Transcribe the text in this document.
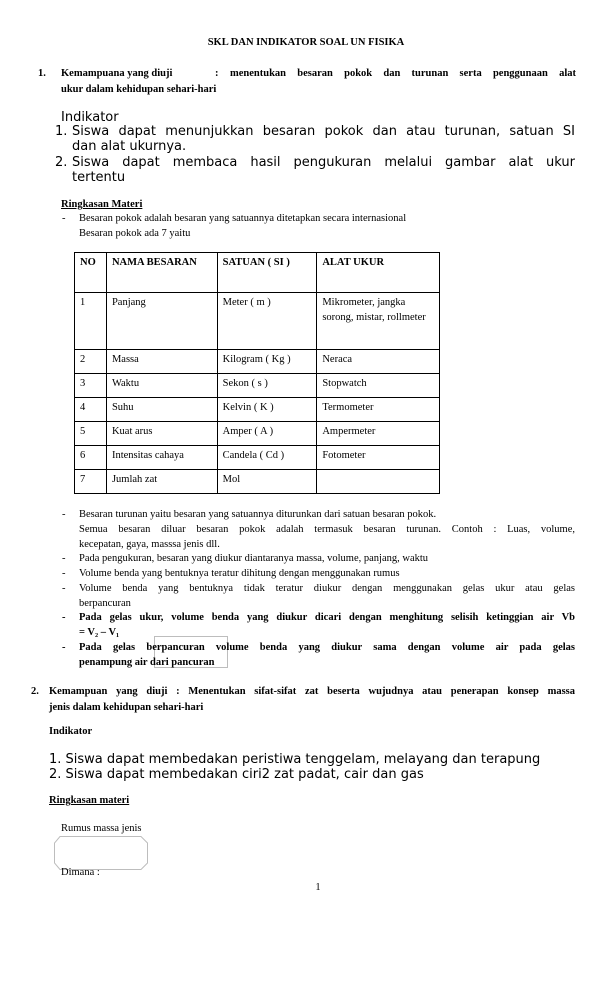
SKL DAN INDIKATOR SOAL UN FISIKA
1. Kemampuana yang diuji	: menentukan besaran pokok dan turunan serta penggunaan alat
ukur dalam kehidupan sehari-hari
Indikator
1. Siswa dapat menunjukkan besaran pokok dan atau turunan, satuan SI
dan alat ukurnya.
2. Siswa dapat membaca hasil pengukuran melalui gambar alat ukur
tertentu
Ringkasan Materi
- Besaran pokok adalah besaran yang satuannya ditetapkan secara internasional
Besaran pokok ada 7 yaitu
NO	NAMA BESARAN	SATUAN ( SI )	ALAT UKUR
1	Panjang	Meter ( m )	Mikrometer, jangka sorong, mistar, rollmeter
2	Massa	Kilogram ( Kg )	Neraca
3	Waktu	Sekon ( s )	Stopwatch
4	Suhu	Kelvin ( K )	Termometer
5	Kuat arus	Amper ( A )	Ampermeter
6	Intensitas cahaya	Candela ( Cd )	Fotometer
7	Jumlah zat	Mol	
- Besaran turunan yaitu besaran yang satuannya diturunkan dari satuan besaran pokok.
Semua besaran diluar besaran pokok adalah termasuk besaran turunan. Contoh : Luas, volume,
kecepatan, gaya, masssa jenis dll.
- Pada pengukuran, besaran yang diukur diantaranya massa, volume, panjang, waktu
- Volume benda yang bentuknya teratur dihitung dengan menggunakan rumus
- Volume benda yang bentuknya tidak teratur diukur dengan menggunakan gelas ukur atau gelas
berpancuran
- Pada gelas ukur, volume benda yang diukur dicari dengan menghitung selisih ketinggian air Vb
= V₂ – V₁
- Pada gelas berpancuran volume benda yang diukur sama dengan volume air pada gelas
penampung air dari pancuran
2. Kemampuan yang diuji : Menentukan sifat-sifat zat beserta wujudnya atau penerapan konsep massa
jenis dalam kehidupan sehari-hari
Indikator
1. Siswa dapat membedakan peristiwa tenggelam, melayang dan terapung
2. Siswa dapat membedakan ciri2 zat padat, cair dan gas
Ringkasan materi
Rumus massa jenis
Dimana :
1
